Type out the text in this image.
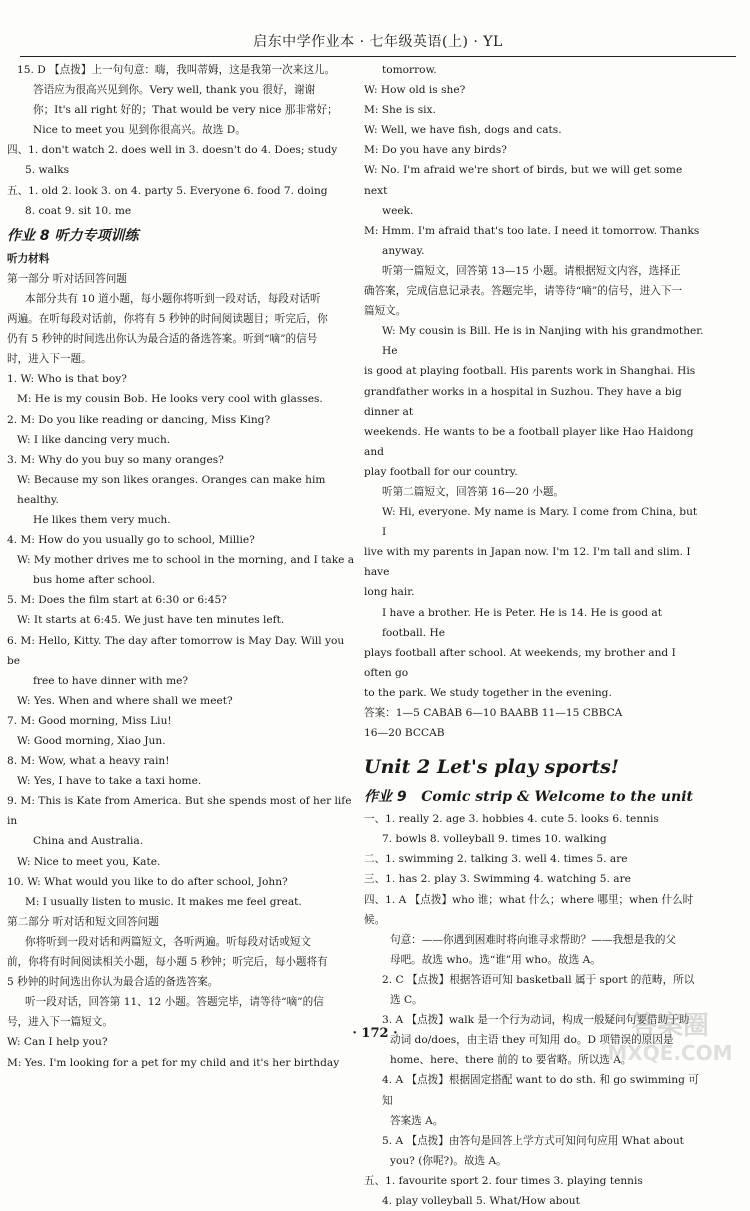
启东中学作业本 · 七年级英语(上) · YL

15. D 【点拨】上一句句意：嗨，我叫蒂姆，这是我第一次来这儿。

答语应为很高兴见到你。Very well, thank you 很好，谢谢

你；It's all right 好的；That would be very nice 那非常好；

Nice to meet you 见到你很高兴。故选 D。

四、1. don't watch 2. does well in 3. doesn't do 4. Does; study

5. walks

五、1. old 2. look 3. on 4. party 5. Everyone 6. food 7. doing

8. coat 9. sit 10. me

作业 8 听力专项训练

听力材料

第一部分 听对话回答问题

本部分共有 10 道小题，每小题你将听到一段对话，每段对话听

两遍。在听每段对话前，你将有 5 秒钟的时间阅读题目；听完后，你

仍有 5 秒钟的时间选出你认为最合适的备选答案。听到“嘀”的信号

时，进入下一题。

1. W: Who is that boy?

M: He is my cousin Bob. He looks very cool with glasses.

2. M: Do you like reading or dancing, Miss King?

W: I like dancing very much.

3. M: Why do you buy so many oranges?

W: Because my son likes oranges. Oranges can make him healthy.

He likes them very much.

4. M: How do you usually go to school, Millie?

W: My mother drives me to school in the morning, and I take a

bus home after school.

5. M: Does the film start at 6:30 or 6:45?

W: It starts at 6:45. We just have ten minutes left.

6. M: Hello, Kitty. The day after tomorrow is May Day. Will you be

free to have dinner with me?

W: Yes. When and where shall we meet?

7. M: Good morning, Miss Liu!

W: Good morning, Xiao Jun.

8. M: Wow, what a heavy rain!

W: Yes, I have to take a taxi home.

9. M: This is Kate from America. But she spends most of her life in

China and Australia.

W: Nice to meet you, Kate.

10. W: What would you like to do after school, John?

M: I usually listen to music. It makes me feel great.

第二部分 听对话和短文回答问题

你将听到一段对话和两篇短文，各听两遍。听每段对话或短文

前，你将有时间阅读相关小题，每小题 5 秒钟；听完后，每小题将有

5 秒钟的时间选出你认为最合适的备选答案。

听一段对话，回答第 11、12 小题。答题完毕，请等待“嘀”的信

号，进入下一篇短文。

W: Can I help you?

M: Yes. I'm looking for a pet for my child and it's her birthday

tomorrow.

W: How old is she?

M: She is six.

W: Well, we have fish, dogs and cats.

M: Do you have any birds?

W: No. I'm afraid we're short of birds, but we will get some next

week.

M: Hmm. I'm afraid that's too late. I need it tomorrow. Thanks

anyway.

听第一篇短文，回答第 13—15 小题。请根据短文内容，选择正

确答案，完成信息记录表。答题完毕，请等待“嘀”的信号，进入下一

篇短文。

W: My cousin is Bill. He is in Nanjing with his grandmother. He

is good at playing football. His parents work in Shanghai. His

grandfather works in a hospital in Suzhou. They have a big dinner at

weekends. He wants to be a football player like Hao Haidong and

play football for our country.

听第二篇短文，回答第 16—20 小题。

W: Hi, everyone. My name is Mary. I come from China, but I

live with my parents in Japan now. I'm 12. I'm tall and slim. I have

long hair.

I have a brother. He is Peter. He is 14. He is good at football. He

plays football after school. At weekends, my brother and I often go

to the park. We study together in the evening.

答案：1—5 CABAB 6—10 BAABB 11—15 CBBCA

16—20 BCCAB

Unit 2 Let's play sports!

作业 9 Comic strip & Welcome to the unit

一、1. really 2. age 3. hobbies 4. cute 5. looks 6. tennis

7. bowls 8. volleyball 9. times 10. walking

二、1. swimming 2. talking 3. well 4. times 5. are

三、1. has 2. play 3. Swimming 4. watching 5. are

四、1. A 【点拨】who 谁；what 什么；where 哪里；when 什么时候。

句意：——你遇到困难时将向谁寻求帮助？——我想是我的父

母吧。故选 who。选“谁”用 who。故选 A。

2. C 【点拨】根据答语可知 basketball 属于 sport 的范畴，所以

选 C。

3. A 【点拨】walk 是一个行为动词，构成一般疑问句要借助于助

动词 do/does，由主语 they 可知用 do。D 项错误的原因是

home、here、there 前的 to 要省略。所以选 A。

4. A 【点拨】根据固定搭配 want to do sth. 和 go swimming 可知

答案选 A。

5. A 【点拨】由答句是回答上学方式可知问句应用 What about

you? (你呢?)。故选 A。

五、1. favourite sport 2. four times 3. playing tennis

4. play volleyball 5. What/How about

· 172 ·	答案圈
MXQE.COM
